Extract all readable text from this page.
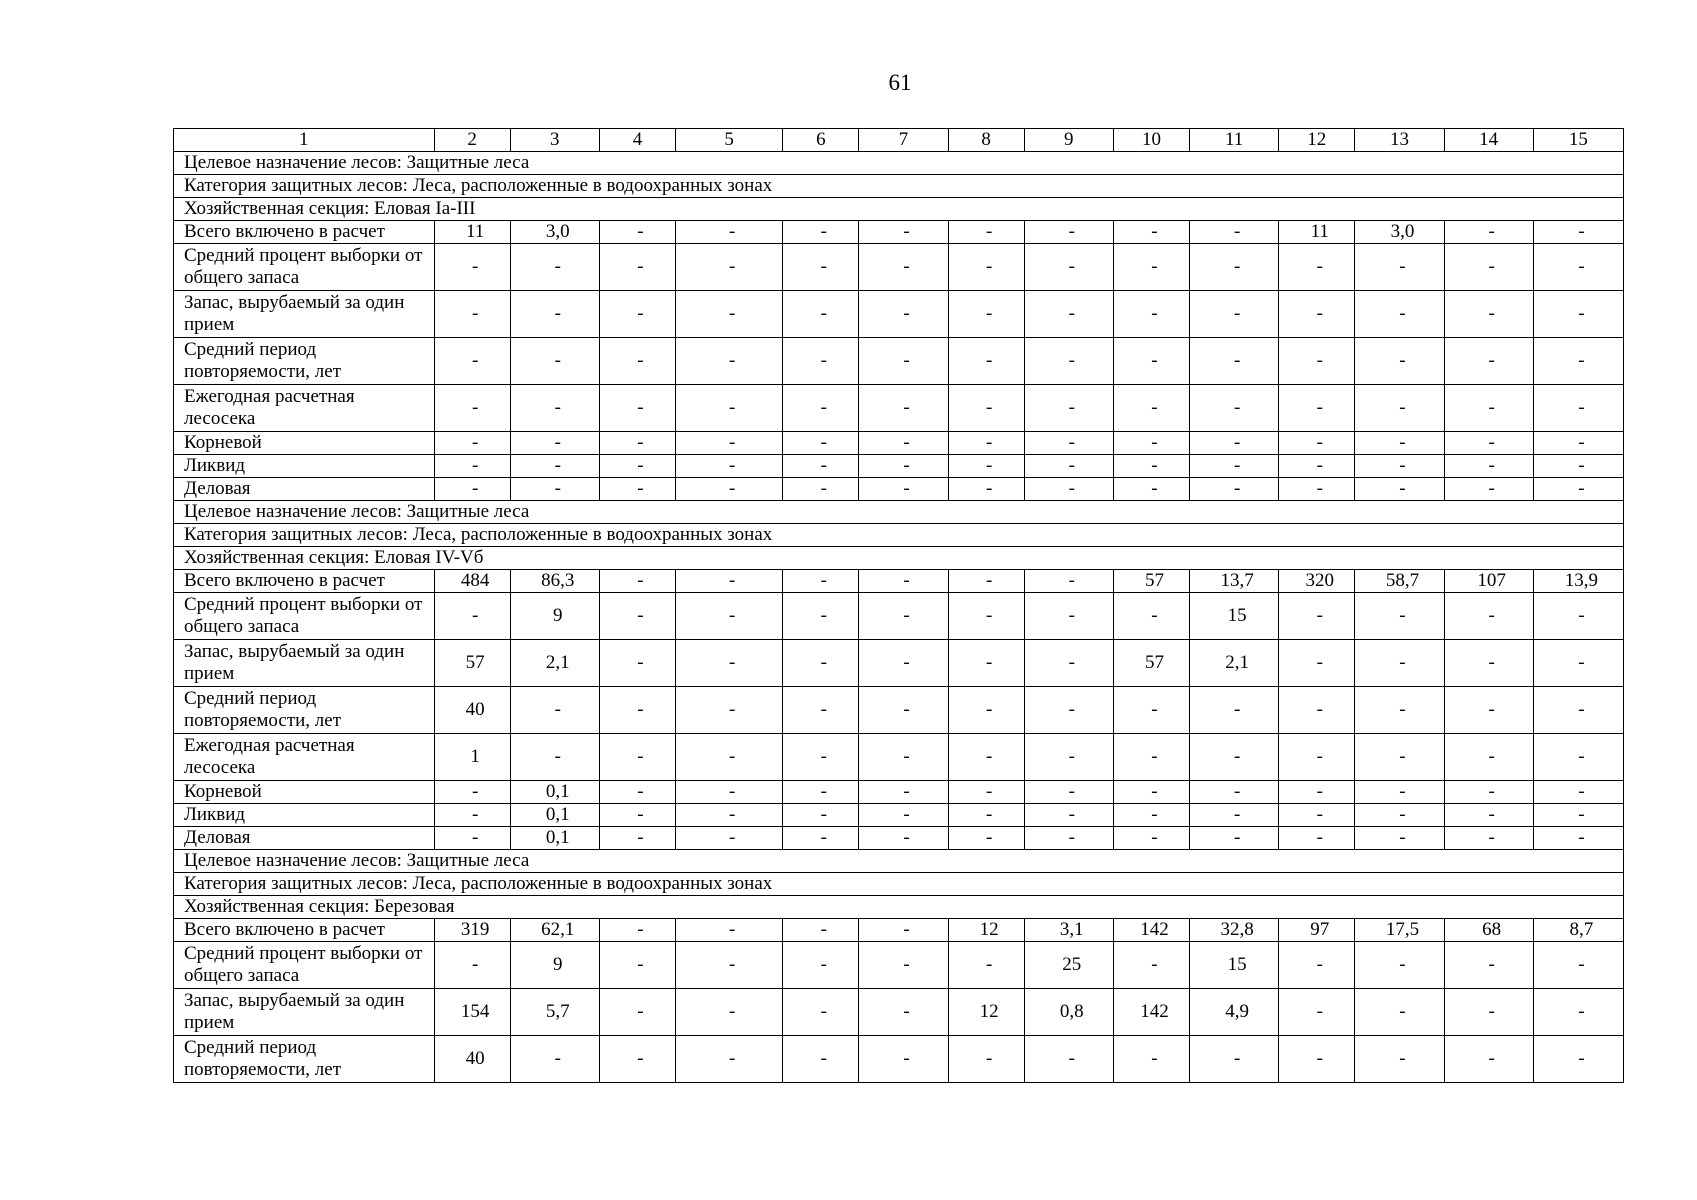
61
1	2	3	4	5	6	7	8	9	10	11	12	13	14	15
Целевое назначение лесов: Защитные леса														
Категория защитных лесов: Леса, расположенные в водоохранных зонах														
Хозяйственная секция: Еловая Ia-III														
Всего включено в расчет	11	3,0	-	-	-	-	-	-	-	-	11	3,0	-	-
Средний процент выборки от общего запаса	-	-	-	-	-	-	-	-	-	-	-	-	-	-
Запас, вырубаемый за один прием	-	-	-	-	-	-	-	-	-	-	-	-	-	-
Средний период повторяемости, лет	-	-	-	-	-	-	-	-	-	-	-	-	-	-
Ежегодная расчетная лесосека	-	-	-	-	-	-	-	-	-	-	-	-	-	-
Корневой	-	-	-	-	-	-	-	-	-	-	-	-	-	-
Ликвид	-	-	-	-	-	-	-	-	-	-	-	-	-	-
Деловая	-	-	-	-	-	-	-	-	-	-	-	-	-	-
Целевое назначение лесов: Защитные леса														
Категория защитных лесов: Леса, расположенные в водоохранных зонах														
Хозяйственная секция: Еловая IV-Vб														
Всего включено в расчет	484	86,3	-	-	-	-	-	-	57	13,7	320	58,7	107	13,9
Средний процент выборки от общего запаса	-	9	-	-	-	-	-	-	-	15	-	-	-	-
Запас, вырубаемый за один прием	57	2,1	-	-	-	-	-	-	57	2,1	-	-	-	-
Средний период повторяемости, лет	40	-	-	-	-	-	-	-	-	-	-	-	-	-
Ежегодная расчетная лесосека	1	-	-	-	-	-	-	-	-	-	-	-	-	-
Корневой	-	0,1	-	-	-	-	-	-	-	-	-	-	-	-
Ликвид	-	0,1	-	-	-	-	-	-	-	-	-	-	-	-
Деловая	-	0,1	-	-	-	-	-	-	-	-	-	-	-	-
Целевое назначение лесов: Защитные леса														
Категория защитных лесов: Леса, расположенные в водоохранных зонах														
Хозяйственная секция: Березовая														
Всего включено в расчет	319	62,1	-	-	-	-	12	3,1	142	32,8	97	17,5	68	8,7
Средний процент выборки от общего запаса	-	9	-	-	-	-	-	25	-	15	-	-	-	-
Запас, вырубаемый за один прием	154	5,7	-	-	-	-	12	0,8	142	4,9	-	-	-	-
Средний период повторяемости, лет	40	-	-	-	-	-	-	-	-	-	-	-	-	-
